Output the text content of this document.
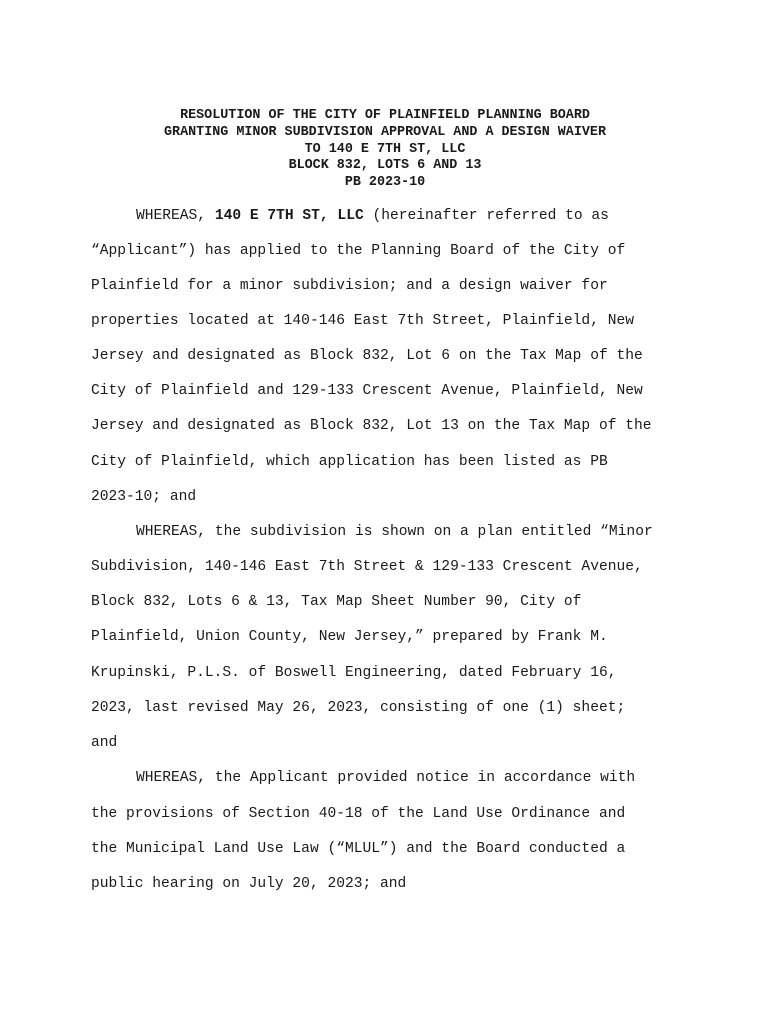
RESOLUTION OF THE CITY OF PLAINFIELD PLANNING BOARD
GRANTING MINOR SUBDIVISION APPROVAL AND A DESIGN WAIVER
TO 140 E 7TH ST, LLC
BLOCK 832, LOTS 6 AND 13
PB 2023-10
WHEREAS, 140 E 7TH ST, LLC (hereinafter referred to as
“Applicant”) has applied to the Planning Board of the City of
Plainfield for a minor subdivision; and a design waiver for
properties located at 140-146 East 7th Street, Plainfield, New
Jersey and designated as Block 832, Lot 6 on the Tax Map of the
City of Plainfield and 129-133 Crescent Avenue, Plainfield, New
Jersey and designated as Block 832, Lot 13 on the Tax Map of the
City of Plainfield, which application has been listed as PB
2023-10; and
WHEREAS, the subdivision is shown on a plan entitled “Minor
Subdivision, 140-146 East 7th Street & 129-133 Crescent Avenue,
Block 832, Lots 6 & 13, Tax Map Sheet Number 90, City of
Plainfield, Union County, New Jersey,” prepared by Frank M.
Krupinski, P.L.S. of Boswell Engineering, dated February 16,
2023, last revised May 26, 2023, consisting of one (1) sheet;
and
WHEREAS, the Applicant provided notice in accordance with
the provisions of Section 40-18 of the Land Use Ordinance and
the Municipal Land Use Law (“MLUL”) and the Board conducted a
public hearing on July 20, 2023; and
